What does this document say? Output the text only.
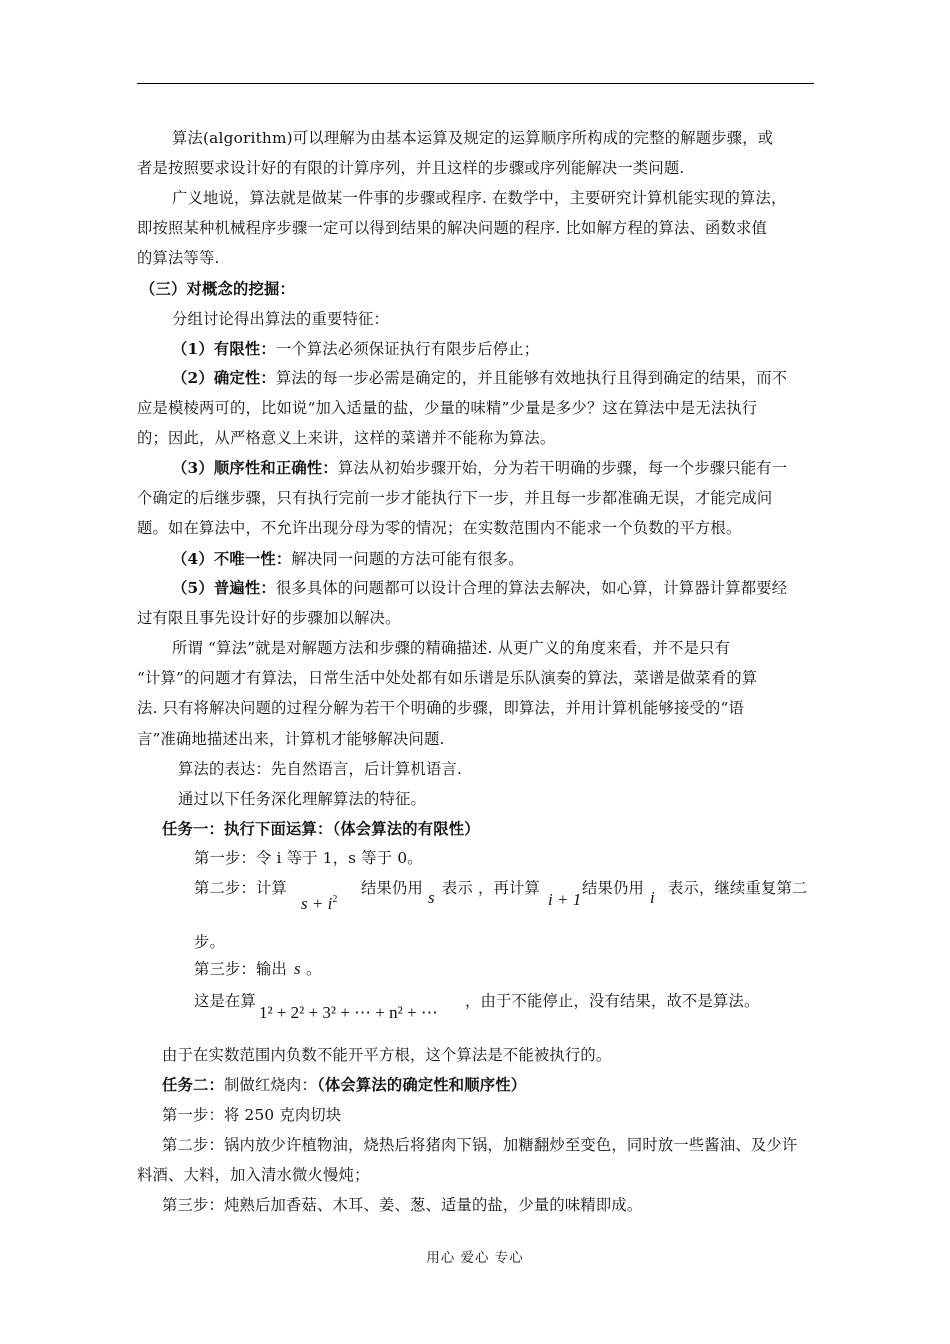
算法(algorithm)可以理解为由基本运算及规定的运算顺序所构成的完整的解题步骤，或
者是按照要求设计好的有限的计算序列，并且这样的步骤或序列能解决一类问题.
广义地说，算法就是做某一件事的步骤或程序. 在数学中，主要研究计算机能实现的算法，
即按照某种机械程序步骤一定可以得到结果的解决问题的程序. 比如解方程的算法、函数求值
的算法等等.
（三）对概念的挖掘：
分组讨论得出算法的重要特征：
（1）有限性：一个算法必须保证执行有限步后停止；
（2）确定性：算法的每一步必需是确定的，并且能够有效地执行且得到确定的结果，而不
应是模棱两可的，比如说“加入适量的盐，少量的味精”少量是多少？这在算法中是无法执行
的；因此，从严格意义上来讲，这样的菜谱并不能称为算法。
（3）顺序性和正确性：算法从初始步骤开始，分为若干明确的步骤，每一个步骤只能有一
个确定的后继步骤，只有执行完前一步才能执行下一步，并且每一步都准确无误，才能完成问
题。如在算法中，不允许出现分母为零的情况；在实数范围内不能求一个负数的平方根。
（4）不唯一性：解决同一问题的方法可能有很多。
（5）普遍性：很多具体的问题都可以设计合理的算法去解决，如心算，计算器计算都要经
过有限且事先设计好的步骤加以解决。
所谓 “算法”就是对解题方法和步骤的精确描述. 从更广义的角度来看，并不是只有
“计算”的问题才有算法，日常生活中处处都有如乐谱是乐队演奏的算法，菜谱是做菜肴的算
法. 只有将解决问题的过程分解为若干个明确的步骤，即算法，并用计算机能够接受的“语
言”准确地描述出来，计算机才能够解决问题.
算法的表达：先自然语言，后计算机语言.
通过以下任务深化理解算法的特征。
任务一：执行下面运算：（体会算法的有限性）
第一步：令 i 等于 1，s 等于 0。
第二步：计算
$s + i^2$
结果仍用 s 表示 ，再计算
i + 1
结果仍用 i 表示，继续重复第二
步。
第三步：输出 s 。
这是在算
1² + 2² + 3² + ⋯ + n² + ⋯
，由于不能停止，没有结果，故不是算法。
由于在实数范围内负数不能开平方根，这个算法是不能被执行的。
任务二：制做红烧肉：（体会算法的确定性和顺序性）
第一步：将 250 克肉切块
第二步：锅内放少许植物油，烧热后将猪肉下锅，加糖翻炒至变色，同时放一些酱油、及少许
料酒、大料，加入清水微火慢炖；
第三步：炖熟后加香菇、木耳、姜、葱、适量的盐，少量的味精即成。
用心 爱心 专心
